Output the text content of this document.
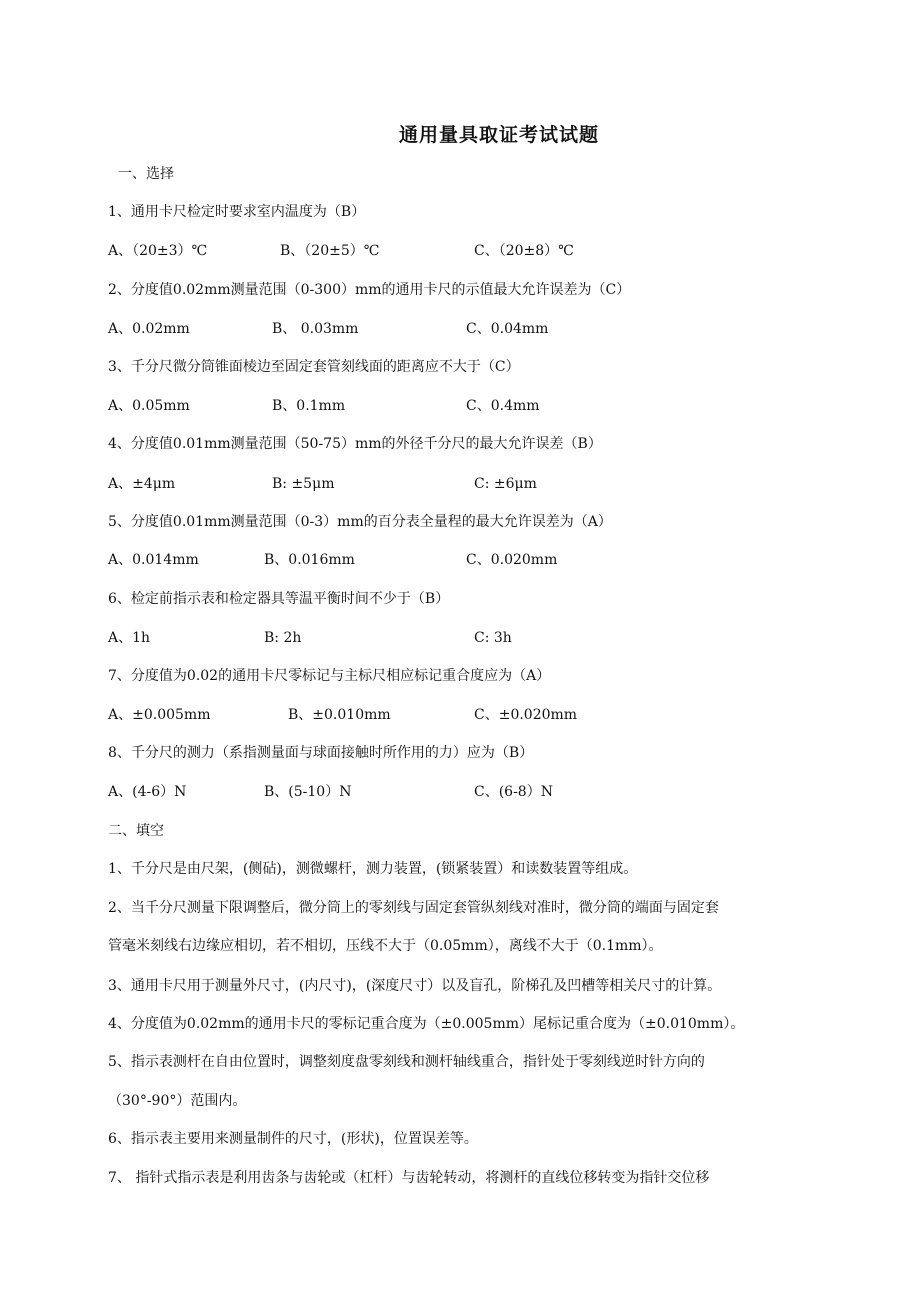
通用量具取证考试试题
一、选择
1、通用卡尺检定时要求室内温度为（B）
A、（20±3）℃	B、（20±5）℃	C、（20±8）℃
2、分度值0.02mm测量范围（0-300）mm的通用卡尺的示值最大允许误差为（C）
A、0.02mm	B、 0.03mm	C、0.04mm
3、千分尺微分筒锥面棱边至固定套管刻线面的距离应不大于（C）
A、0.05mm	B、0.1mm	C、0.4mm
4、分度值0.01mm测量范围（50-75）mm的外径千分尺的最大允许误差（B）
A、±4μm	B: ±5μm	C: ±6μm
5、分度值0.01mm测量范围（0-3）mm的百分表全量程的最大允许误差为（A）
A、0.014mm	B、0.016mm	C、0.020mm
6、检定前指示表和检定器具等温平衡时间不少于（B）
A、1h	B: 2h	C: 3h
7、分度值为0.02的通用卡尺零标记与主标尺相应标记重合度应为（A）
A、±0.005mm	B、±0.010mm	C、±0.020mm
8、千分尺的测力（系指测量面与球面接触时所作用的力）应为（B）
A、(4-6）N	B、(5-10）N	C、(6-8）N
二、填空
1、千分尺是由尺架，(侧砧)，测微螺杆，测力装置，(锁紧装置）和读数装置等组成。
2、当千分尺测量下限调整后，微分筒上的零刻线与固定套管纵刻线对准时，微分筒的端面与固定套
管毫米刻线右边缘应相切，若不相切，压线不大于（0.05mm），离线不大于（0.1mm）。
3、通用卡尺用于测量外尺寸，(内尺寸)，(深度尺寸）以及盲孔，阶梯孔及凹槽等相关尺寸的计算。
4、分度值为0.02mm的通用卡尺的零标记重合度为（±0.005mm）尾标记重合度为（±0.010mm）。
5、指示表测杆在自由位置时，调整刻度盘零刻线和测杆轴线重合，指针处于零刻线逆时针方向的
（30°-90°）范围内。
6、指示表主要用来测量制件的尺寸，(形状)，位置误差等。
7、 指针式指示表是利用齿条与齿轮或（杠杆）与齿轮转动，将测杆的直线位移转变为指针交位移
